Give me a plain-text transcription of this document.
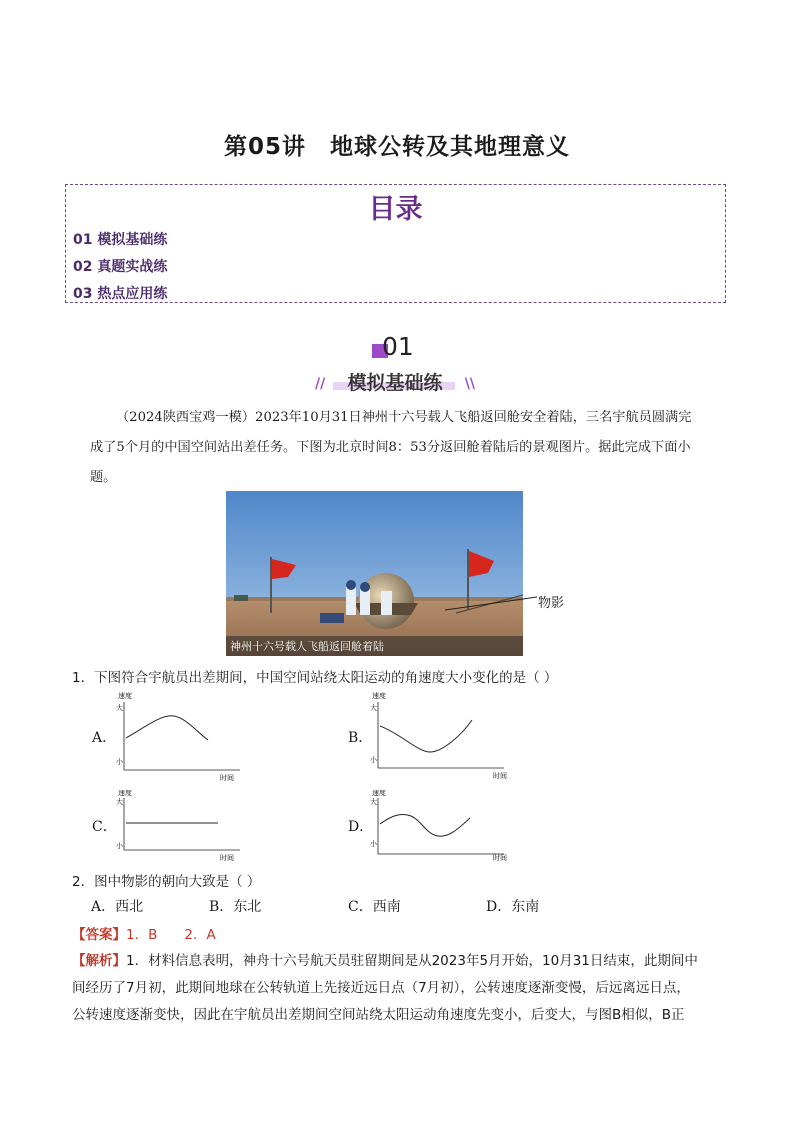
第05讲　地球公转及其地理意义
目录
01 模拟基础练
02 真题实战练
03 热点应用练
01
//	\\
模拟基础练

（2024陕西宝鸡一模）2023年10月31日神州十六号载人飞船返回舱安全着陆，三名宇航员圆满完

成了5个月的中国空间站出差任务。下图为北京时间8：53分返回舱着陆后的景观图片。据此完成下面小

题。

神州十六号载人飞船返回舱着陆
物影
1．下图符合宇航员出差期间，中国空间站绕太阳运动的角速度大小变化的是（ ）
A．	B．
C．	D．
速度
大
小
时间
速度
大
小
时间
速度
大
小
时间
速度
大
小
时间
2．图中物影的朝向大致是（ ）
A．西北	B．东北	C．西南	D．东南
【答案】1．B　　2．A

【解析】1．材料信息表明，神舟十六号航天员驻留期间是从2023年5月开始，10月31日结束，此期间中

间经历了7月初，此期间地球在公转轨道上先接近远日点（7月初），公转速度逐渐变慢，后远离远日点，

公转速度逐渐变快，因此在宇航员出差期间空间站绕太阳运动角速度先变小，后变大，与图B相似，B正
